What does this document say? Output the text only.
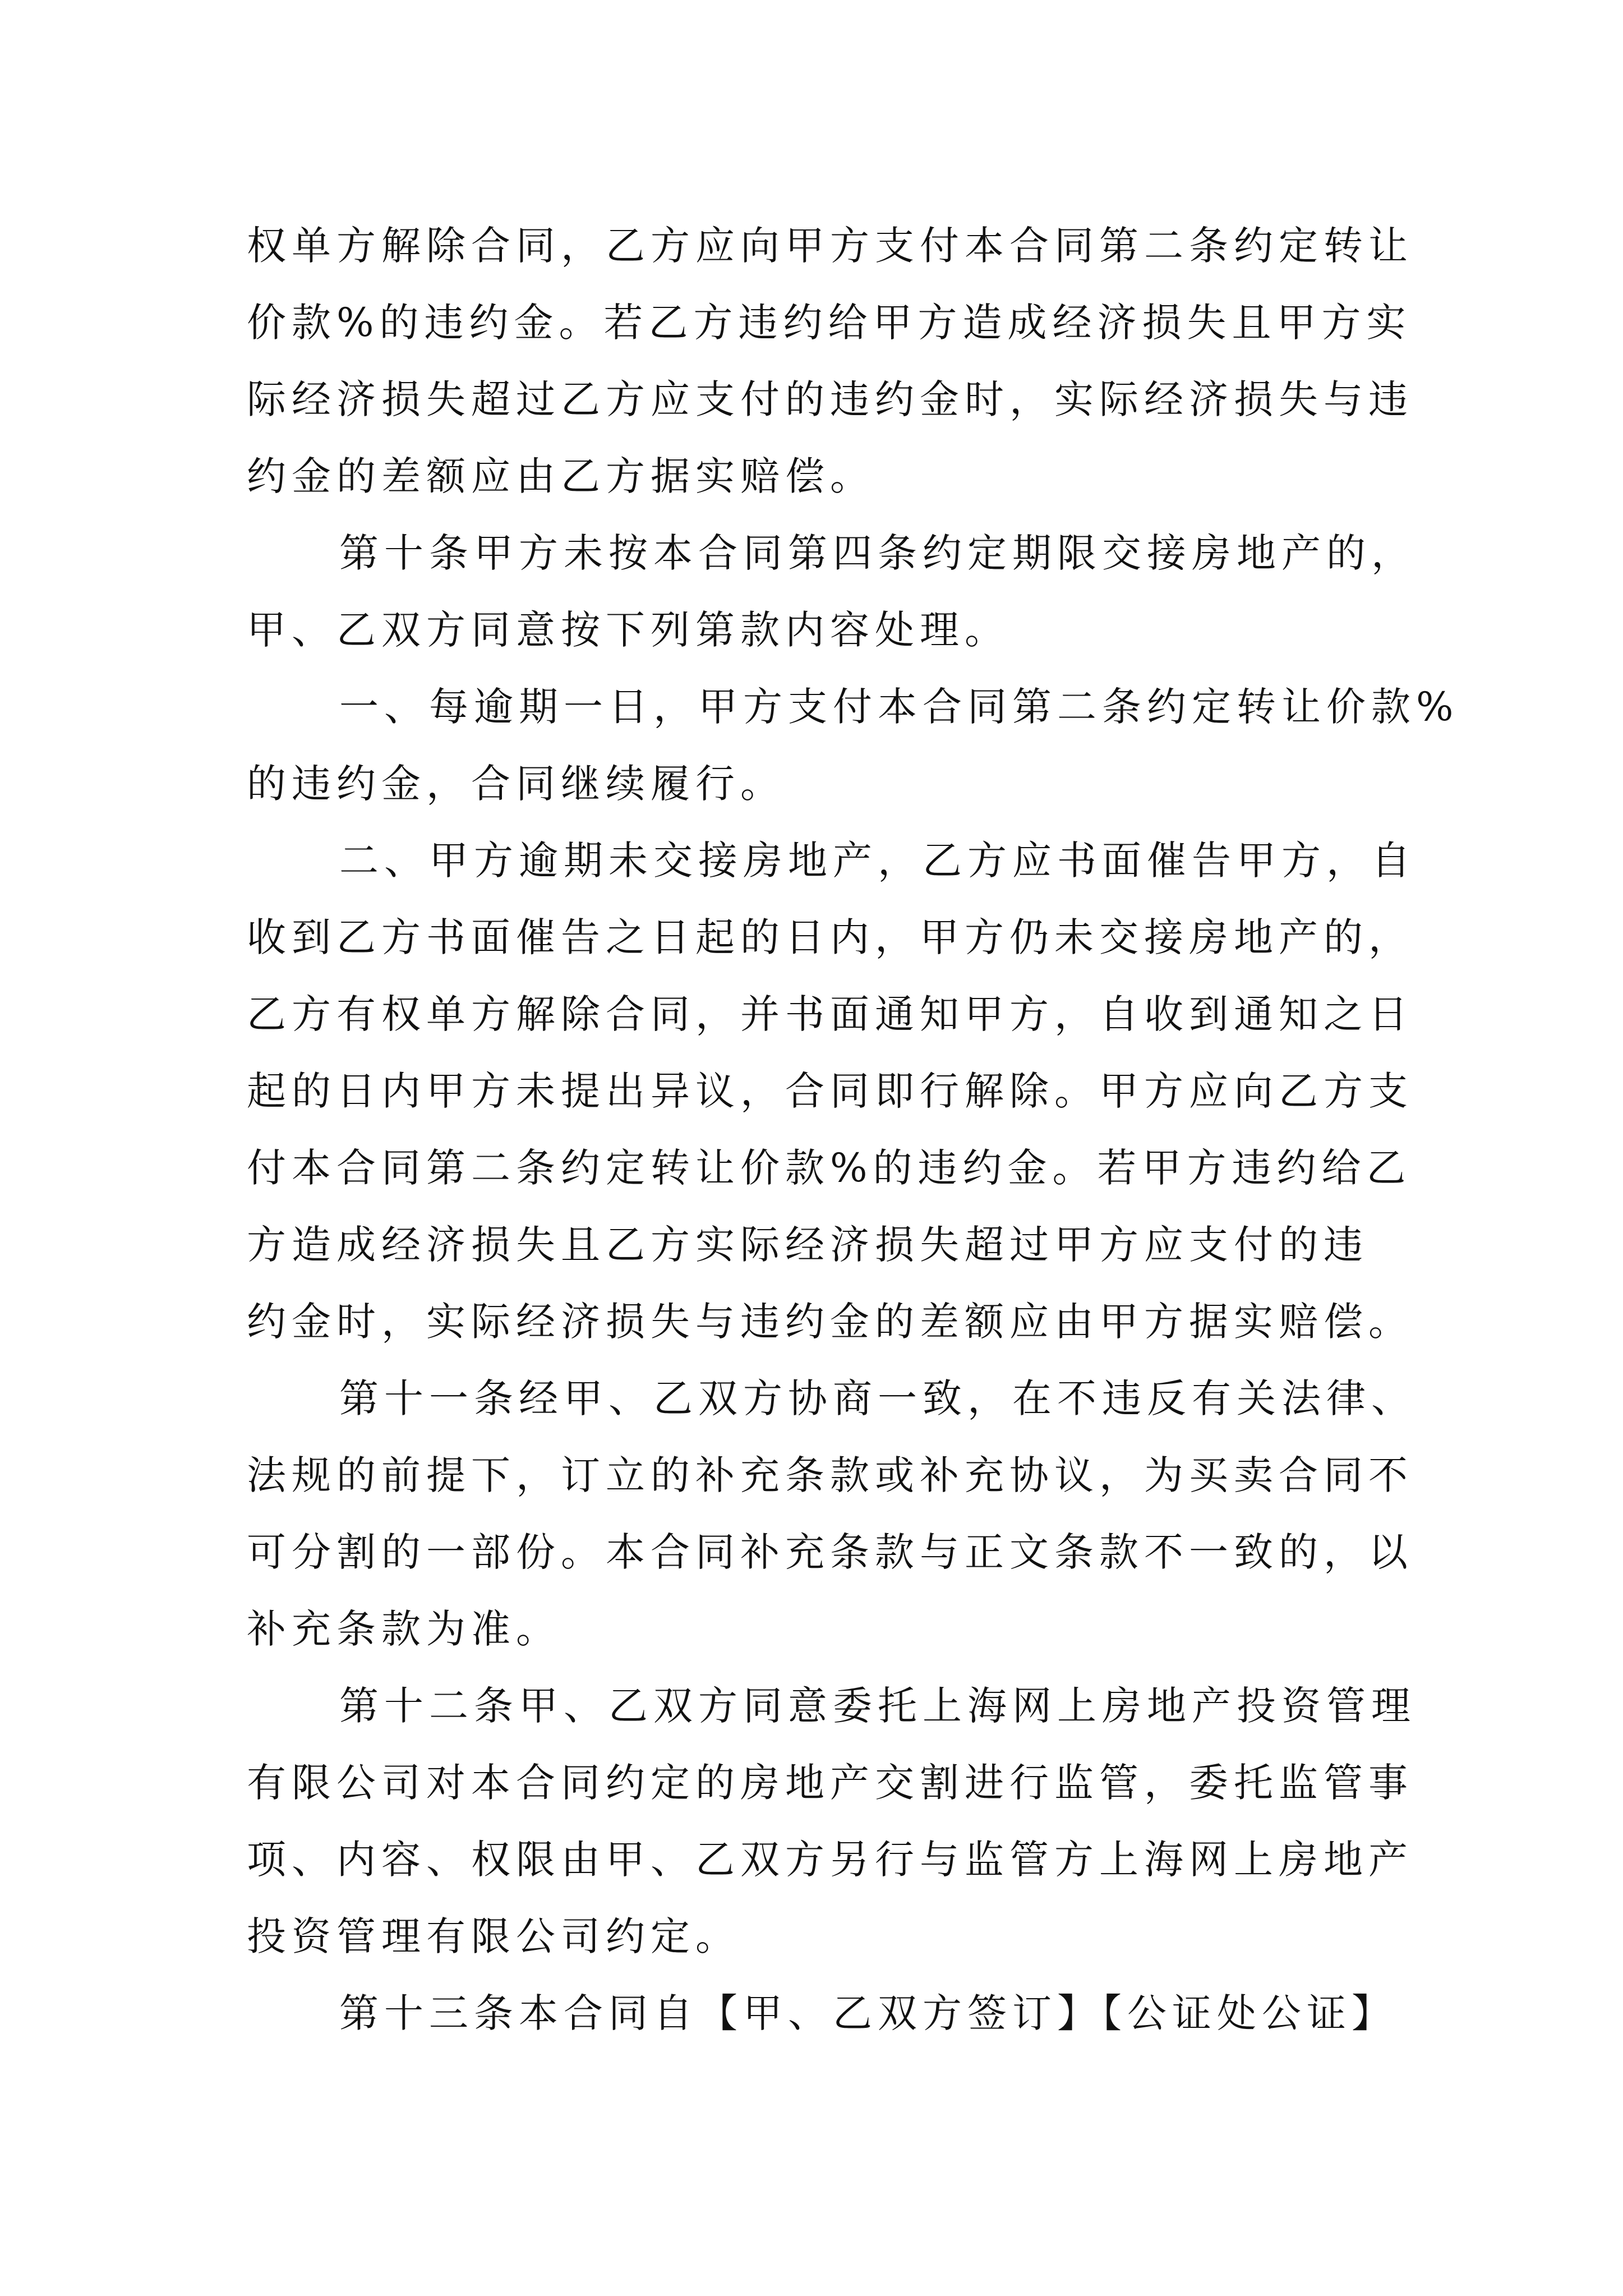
权单方解除合同，乙方应向甲方支付本合同第二条约定转让
价款%的违约金。若乙方违约给甲方造成经济损失且甲方实
际经济损失超过乙方应支付的违约金时，实际经济损失与违
约金的差额应由乙方据实赔偿。
第十条甲方未按本合同第四条约定期限交接房地产的，
甲、乙双方同意按下列第款内容处理。
一、每逾期一日，甲方支付本合同第二条约定转让价款%
的违约金，合同继续履行。
二、甲方逾期未交接房地产，乙方应书面催告甲方，自
收到乙方书面催告之日起的日内，甲方仍未交接房地产的，
乙方有权单方解除合同，并书面通知甲方，自收到通知之日
起的日内甲方未提出异议，合同即行解除。甲方应向乙方支
付本合同第二条约定转让价款%的违约金。若甲方违约给乙
方造成经济损失且乙方实际经济损失超过甲方应支付的违
约金时，实际经济损失与违约金的差额应由甲方据实赔偿。
第十一条经甲、乙双方协商一致，在不违反有关法律、
法规的前提下，订立的补充条款或补充协议，为买卖合同不
可分割的一部份。本合同补充条款与正文条款不一致的，以
补充条款为准。
第十二条甲、乙双方同意委托上海网上房地产投资管理
有限公司对本合同约定的房地产交割进行监管，委托监管事
项、内容、权限由甲、乙双方另行与监管方上海网上房地产
投资管理有限公司约定。
第十三条本合同自【甲、乙双方签订】【公证处公证】
